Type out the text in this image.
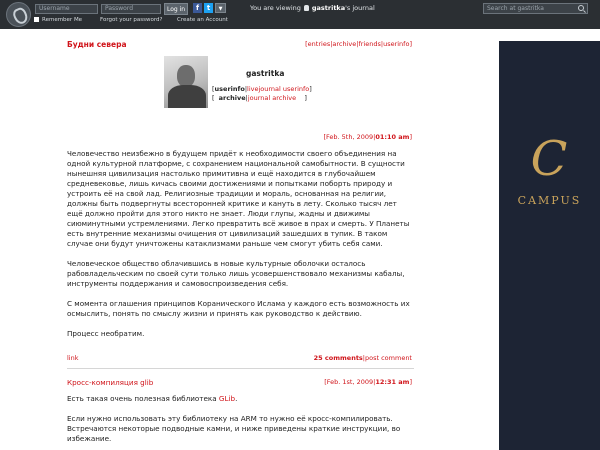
Username	Password	Log in	f	t	▼
Remember Me	Forgot your password?	Create an Account
You are viewing gastritka's journal	Search at gastritka
Будни севера	[entries|archive|friends|userinfo]
gastritka
[userinfo|livejournal userinfo]
[  archive|journal archive    ]
[Feb. 5th, 2009|01:10 am]

Человечество неизбежно в будущем придёт к необходимости своего объединения на одной культурной платформе, с сохранением национальной самобытности. В сущности нынешняя цивилизация настолько примитивна и ещё находится в глубочайшем средневековье, лишь кичась своими достижениями и попытками поборть природу и устроить её на свой лад. Религиозные традиции и мораль, основанная на религии, должны быть подвергнуты всесторонней критике и кануть в лету. Сколько тысяч лет ещё должно пройти для этого никто не знает. Люди глупы, жадны и движимы сиюминутными устремлениями. Легко превратить всё живое в прах и смерть. У Планеты есть внутренние механизмы очищения от цивилизаций зашедших в тупик. В таком случае они будут уничтожены катаклизмами раньше чем смогут убить себя сами.

Человеческое общество облачившись в новые культурные оболочки осталось рабовладельческим по своей сути только лишь усовершенствовало механизмы кабалы, инструменты поддержания и самовоспроизведения себя.

С момента оглашения принципов Коранического Ислама у каждого есть возможность их осмыслить, понять по смыслу жизни и принять как руководство к действию.

Процесс необратим.

link	25 comments|post comment
Кросс-компиляция glib	[Feb. 1st, 2009|12:31 am]

Есть такая очень полезная библиотека GLib.

Если нужно использовать эту библиотеку на ARM то нужно её кросс-компилировать. Встречаются некоторые подводные камни, и ниже приведены краткие инструкции, во избежание.

C
CAMPUS
